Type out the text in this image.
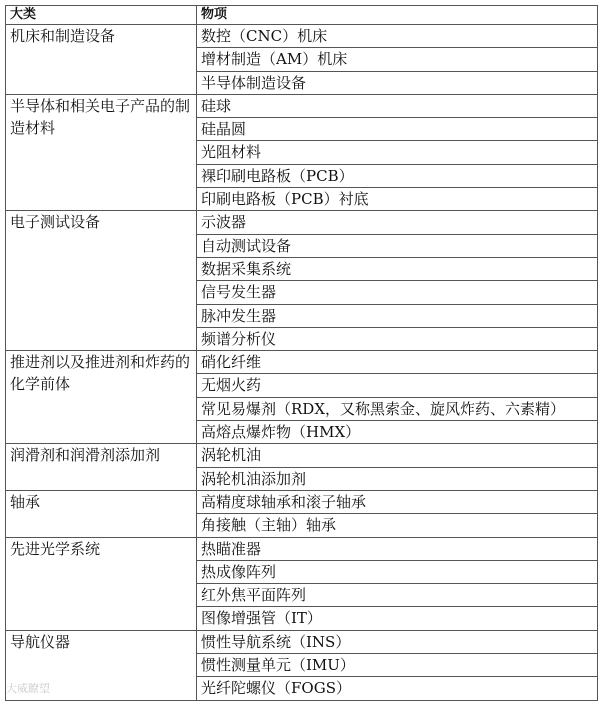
大类	物项
机床和制造设备	数控（CNC）机床
	增材制造（AM）机床
	半导体制造设备
半导体和相关电子产品的制造材料	硅球
	硅晶圆
	光阻材料
	裸印刷电路板（PCB）
	印刷电路板（PCB）衬底
电子测试设备	示波器
	自动测试设备
	数据采集系统
	信号发生器
	脉冲发生器
	频谱分析仪
推进剂以及推进剂和炸药的化学前体	硝化纤维
	无烟火药
	常见易爆剂（RDX，又称黑索金、旋风炸药、六素精）
	高熔点爆炸物（HMX）
润滑剂和润滑剂添加剂	涡轮机油
	涡轮机油添加剂
轴承	高精度球轴承和滚子轴承
	角接触（主轴）轴承
先进光学系统	热瞄准器
	热成像阵列
	红外焦平面阵列
	图像增强管（IT）
导航仪器	惯性导航系统（INS）
	惯性测量单元（IMU）
	光纤陀螺仪（FOGS）
大威瞭望
